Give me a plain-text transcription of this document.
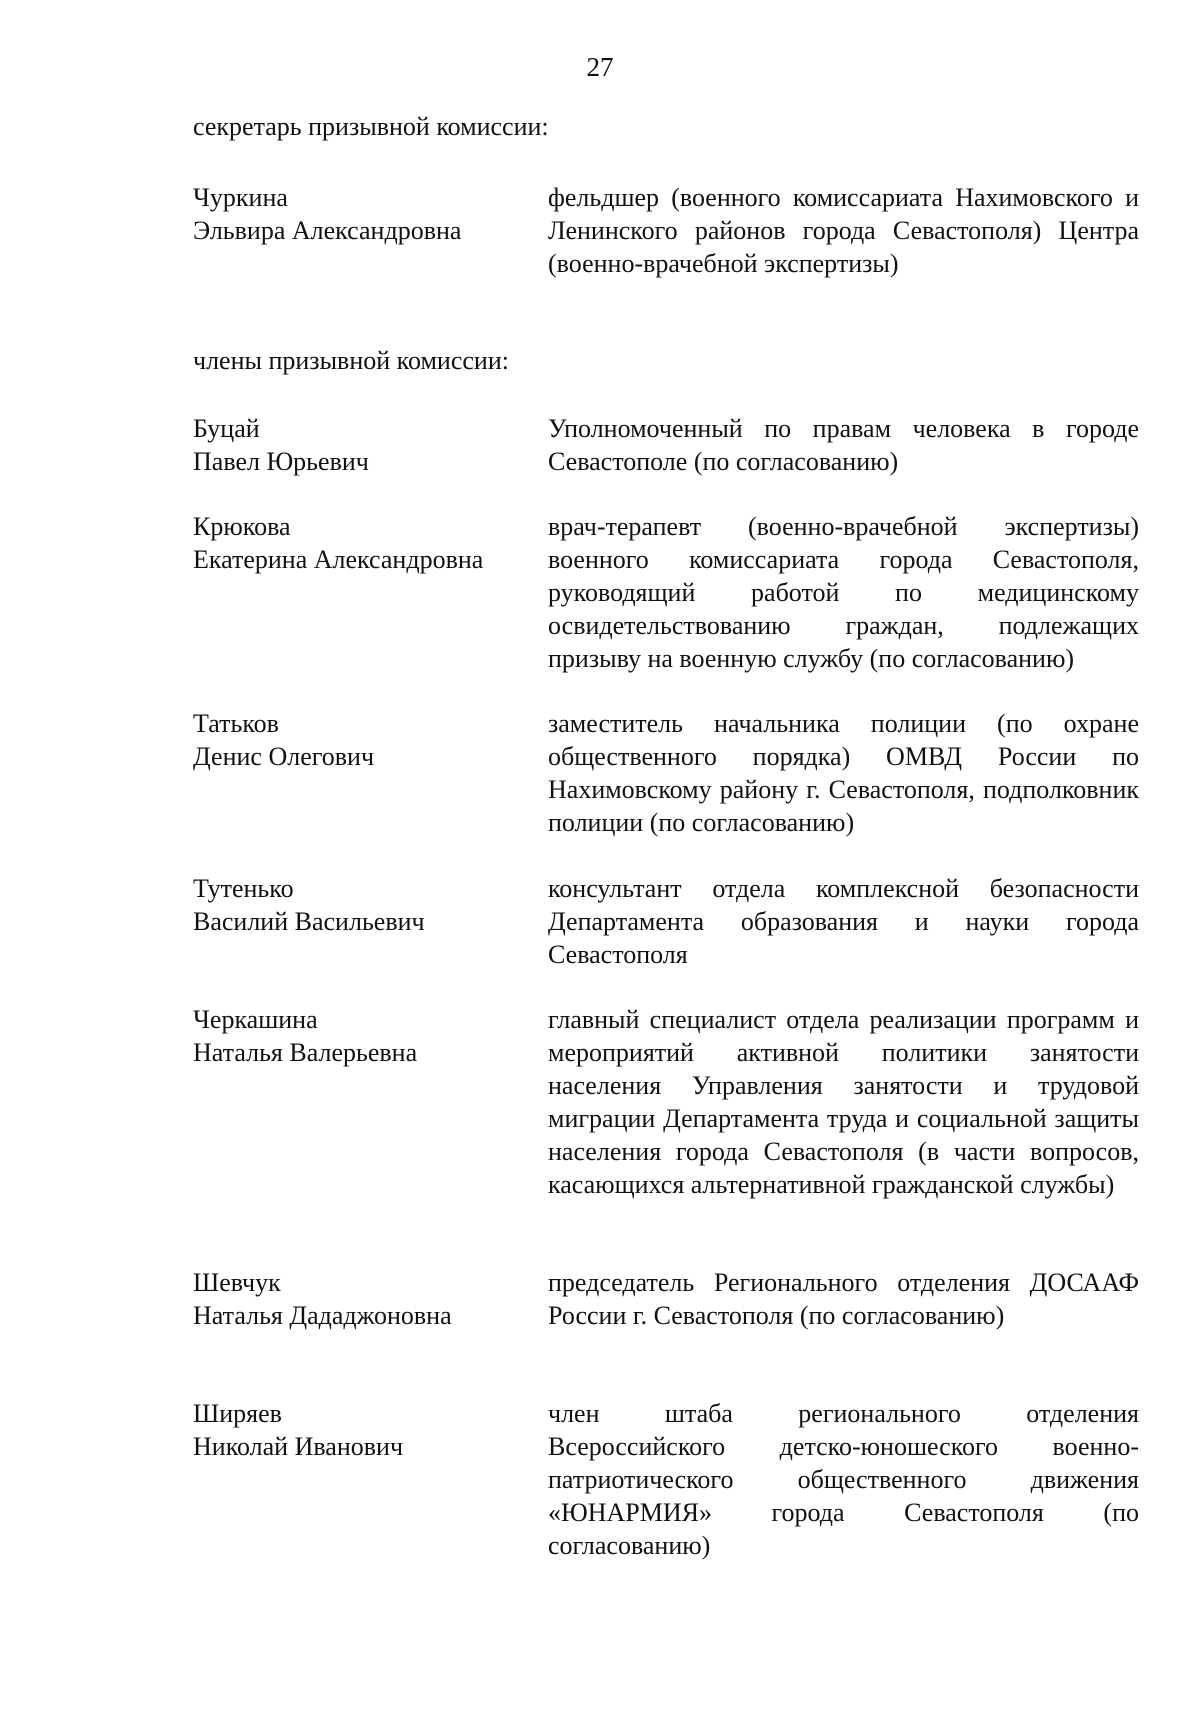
27
секретарь призывной комиссии:
Чуркина
Эльвира Александровна
фельдшер (военного комиссариата Нахимовского и Ленинского районов города Севастополя) Центра (военно-врачебной экспертизы)
члены призывной комиссии:
Буцай
Павел Юрьевич
Уполномоченный по правам человека в городе Севастополе (по согласованию)
Крюкова
Екатерина Александровна
врач-терапевт (военно-врачебной экспертизы) военного комиссариата города Севастополя, руководящий работой по медицинскому освидетельствованию граждан, подлежащих призыву на военную службу (по согласованию)
Татьков
Денис Олегович
заместитель начальника полиции (по охране общественного порядка) ОМВД России по Нахимовскому району г. Севастополя, подполковник полиции (по согласованию)
Тутенько
Василий Васильевич
консультант отдела комплексной безопасности Департамента образования и науки города Севастополя
Черкашина
Наталья Валерьевна
главный специалист отдела реализации программ и мероприятий активной политики занятости населения Управления занятости и трудовой миграции Департамента труда и социальной защиты населения города Севастополя (в части вопросов, касающихся альтернативной гражданской службы)
Шевчук
Наталья Дададжоновна
председатель Регионального отделения ДОСААФ России г. Севастополя (по согласованию)
Ширяев
Николай Иванович
член штаба регионального отделения Всероссийского детско-юношеского военно-патриотического общественного движения «ЮНАРМИЯ» города Севастополя (по согласованию)
